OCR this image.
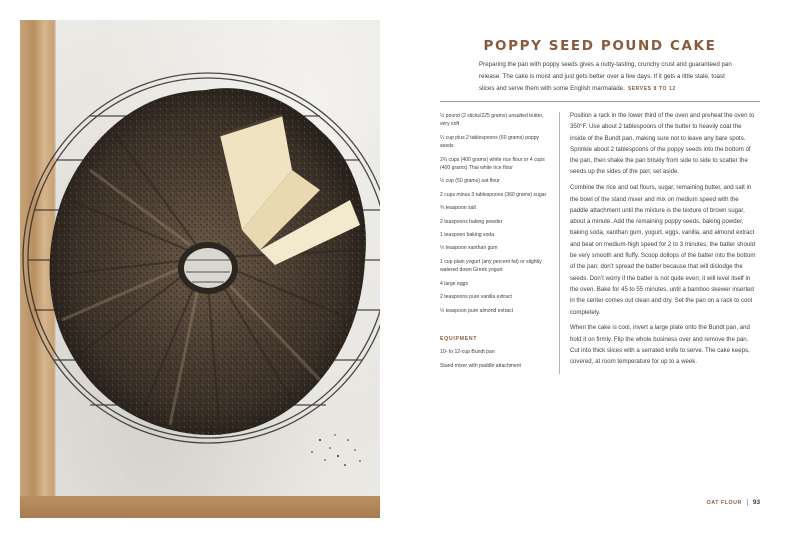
POPPY SEED POUND CAKE

Preparing the pan with poppy seeds gives a nutty-tasting, crunchy crust and guaranteed pan release. The cake is moist and just gets better over a few days. If it gets a little stale, toast slices and serve them with some English marmalade. SERVES 8 TO 12

½ pound (2 sticks/225 grams) unsalted butter, very soft
¼ cup plus 2 tablespoons (60 grams) poppy seeds
2⅔ cups (400 grams) white rice flour or 4 cups (400 grams) Thai white rice flour
½ cup (50 grams) oat flour
2 cups minus 3 tablespoons (360 grams) sugar
¾ teaspoon salt
2 teaspoons baking powder
1 teaspoon baking soda
½ teaspoon xanthan gum
1 cup plain yogurt (any percent fat) or slightly watered down Greek yogurt
4 large eggs
2 teaspoons pure vanilla extract
½ teaspoon pure almond extract
EQUIPMENT
10- to 12-cup Bundt pan
Stand mixer with paddle attachment

Position a rack in the lower third of the oven and preheat the oven to 350°F. Use about 2 tablespoons of the butter to heavily coat the inside of the Bundt pan, making sure not to leave any bare spots. Sprinkle about 2 tablespoons of the poppy seeds into the bottom of the pan, then shake the pan briskly from side to side to scatter the seeds up the sides of the pan; set aside.

Combine the rice and oat flours, sugar, remaining butter, and salt in the bowl of the stand mixer and mix on medium speed with the paddle attachment until the mixture is the texture of brown sugar, about a minute. Add the remaining poppy seeds, baking powder, baking soda, xanthan gum, yogurt, eggs, vanilla, and almond extract and beat on medium-high speed for 2 to 3 minutes; the batter should be very smooth and fluffy. Scoop dollops of the batter into the bottom of the pan; don’t spread the batter because that will dislodge the seeds. Don’t worry if the batter is not quite even; it will level itself in the oven. Bake for 45 to 55 minutes, until a bamboo skewer inserted in the center comes out clean and dry. Set the pan on a rack to cool completely.

When the cake is cool, invert a large plate onto the Bundt pan, and hold it on firmly. Flip the whole business over and remove the pan. Cut into thick slices with a serrated knife to serve. The cake keeps, covered, at room temperature for up to a week.

OAT FLOUR 93
